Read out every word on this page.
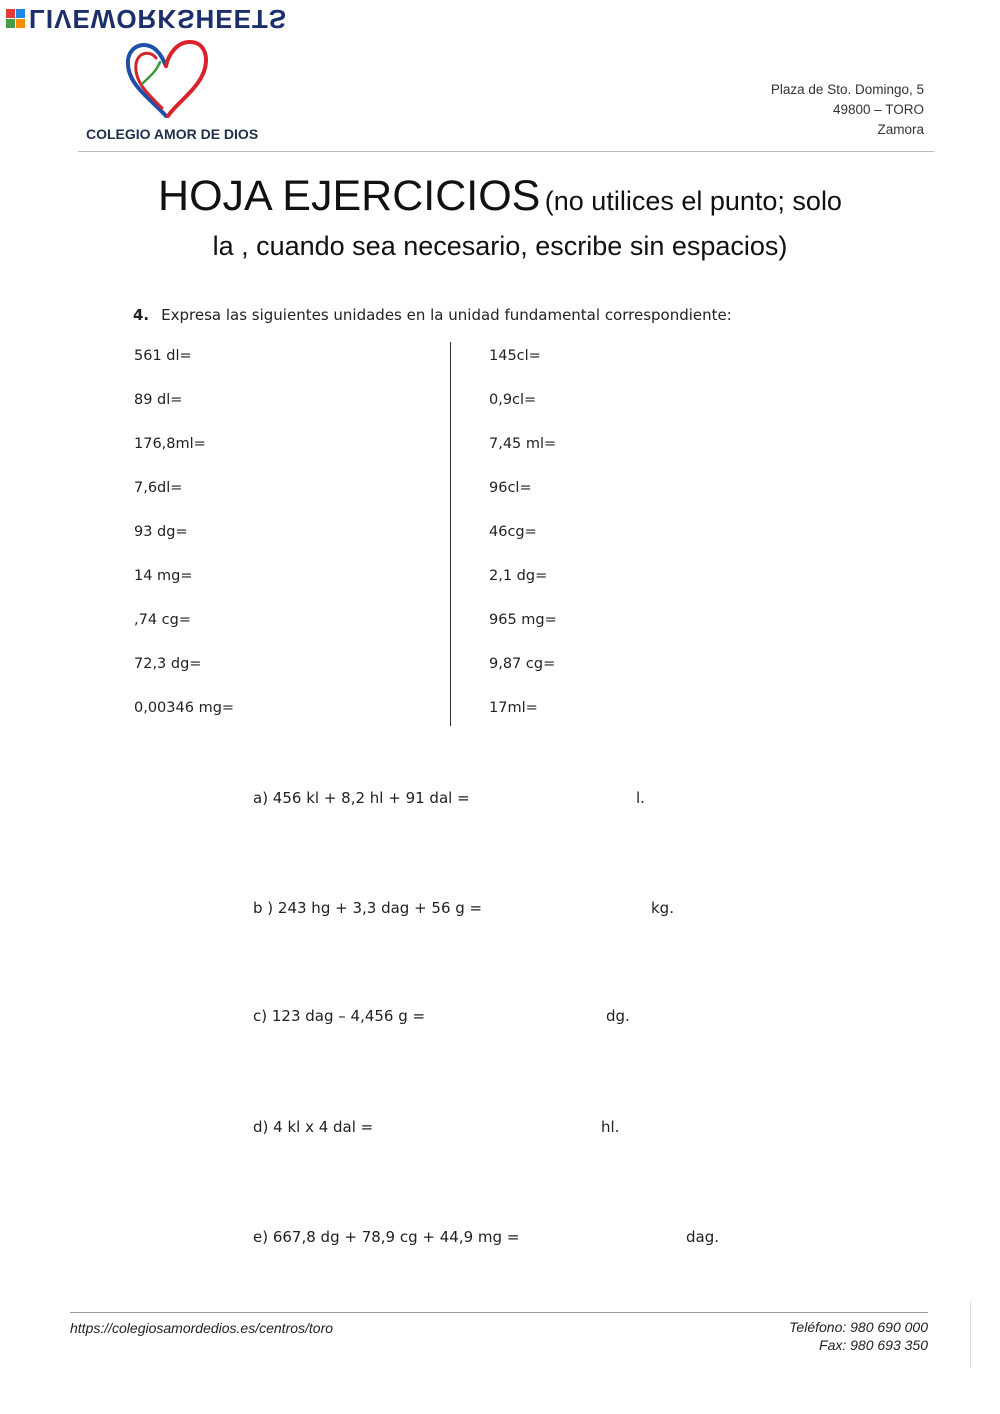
LIVEWORKSHEETS
COLEGIO AMOR DE DIOS
Plaza de Sto. Domingo, 5
49800 – TORO
Zamora
HOJA EJERCICIOS (no utilices el punto; solo
la , cuando sea necesario, escribe sin espacios)
4. Expresa las siguientes unidades en la unidad fundamental correspondiente:
561 dl=
89 dl=
176,8ml=
7,6dl=
93 dg=
14 mg=
,74 cg=
72,3 dg=
0,00346 mg=
145cl=
0,9cl=
7,45 ml=
96cl=
46cg=
2,1 dg=
965 mg=
9,87 cg=
17ml=
a) 456 kl + 8,2 hl + 91 dal =	l.
b ) 243 hg + 3,3 dag + 56 g =	kg.
c) 123 dag – 4,456 g =	dg.
d) 4 kl x 4 dal =	hl.
e) 667,8 dg + 78,9 cg + 44,9 mg =	dag.
https://colegiosamordedios.es/centros/toro	Teléfono: 980 690 000
Fax: 980 693 350
